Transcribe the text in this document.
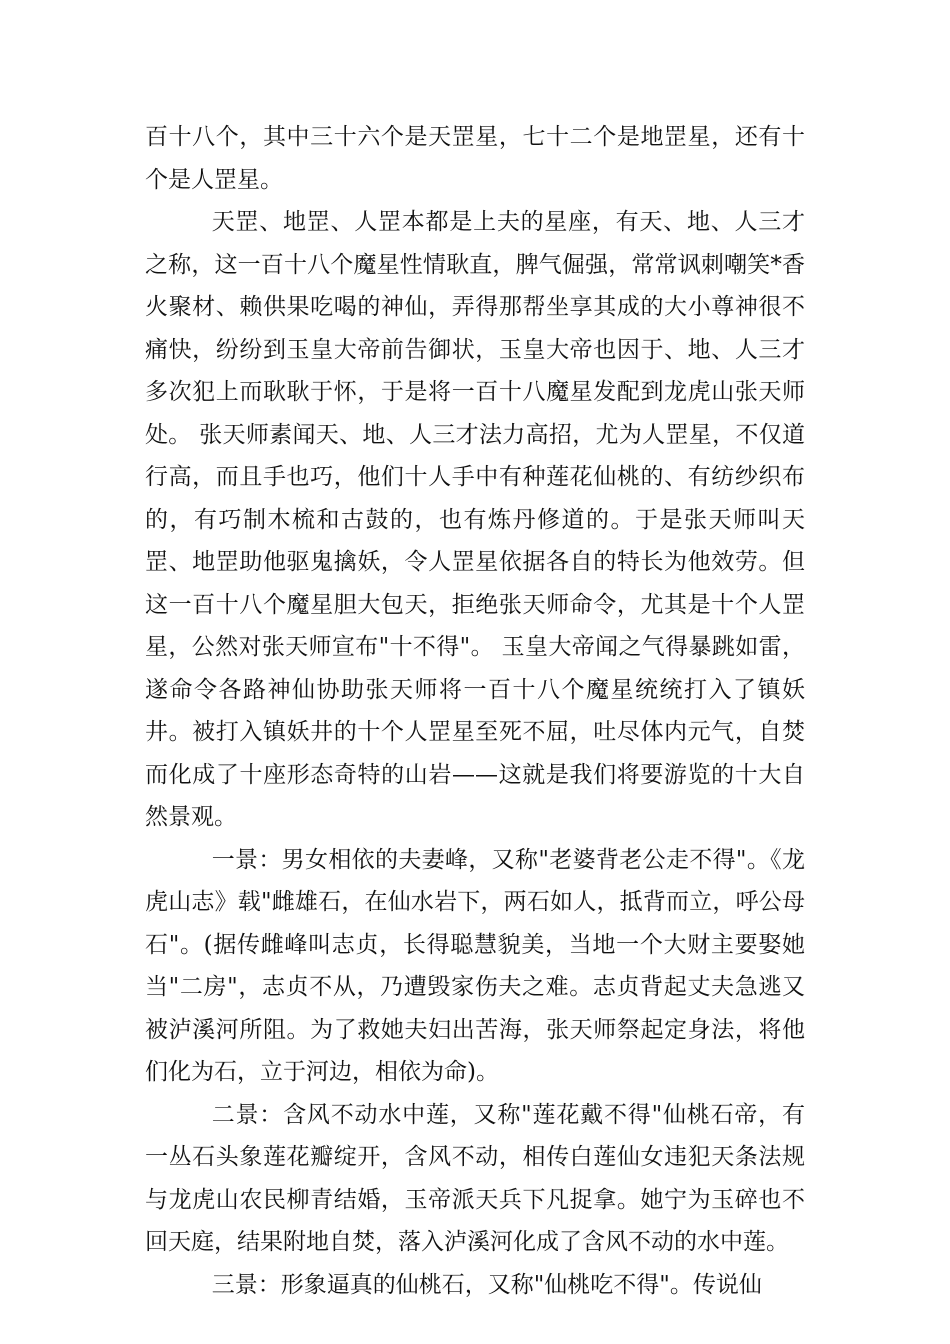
百十八个，其中三十六个是天罡星，七十二个是地罡星，还有十个是人罡星。

天罡、地罡、人罡本都是上夫的星座，有天、地、人三才之称，这一百十八个魔星性情耿直，脾气倔强，常常讽刺嘲笑*香火聚材、赖供果吃喝的神仙，弄得那帮坐享其成的大小尊神很不痛快，纷纷到玉皇大帝前告御状，玉皇大帝也因于、地、人三才多次犯上而耿耿于怀，于是将一百十八魔星发配到龙虎山张天师处。 张天师素闻天、地、人三才法力高招，尤为人罡星，不仅道行高，而且手也巧，他们十人手中有种莲花仙桃的、有纺纱织布的，有巧制木梳和古鼓的，也有炼丹修道的。于是张天师叫天罡、地罡助他驱鬼擒妖，令人罡星依据各自的特长为他效劳。但这一百十八个魔星胆大包天，拒绝张天师命令，尤其是十个人罡星，公然对张天师宣布"十不得"。 玉皇大帝闻之气得暴跳如雷，遂命令各路神仙协助张天师将一百十八个魔星统统打入了镇妖井。被打入镇妖井的十个人罡星至死不屈，吐尽体内元气，自焚而化成了十座形态奇特的山岩——这就是我们将要游览的十大自然景观。

一景：男女相依的夫妻峰，又称"老婆背老公走不得"。《龙虎山志》载"雌雄石，在仙水岩下，两石如人，抵背而立，呼公母石"。(据传雌峰叫志贞，长得聪慧貌美，当地一个大财主要娶她当"二房"，志贞不从，乃遭毁家伤夫之难。志贞背起丈夫急逃又被泸溪河所阻。为了救她夫妇出苦海，张天师祭起定身法，将他们化为石，立于河边，相依为命)。

二景：含风不动水中莲，又称"莲花戴不得"仙桃石帝，有一丛石头象莲花瓣绽开，含风不动，相传白莲仙女违犯天条法规与龙虎山农民柳青结婚，玉帝派天兵下凡捉拿。她宁为玉碎也不回天庭，结果附地自焚，落入泸溪河化成了含风不动的水中莲。

三景：形象逼真的仙桃石，又称"仙桃吃不得"。传说仙
